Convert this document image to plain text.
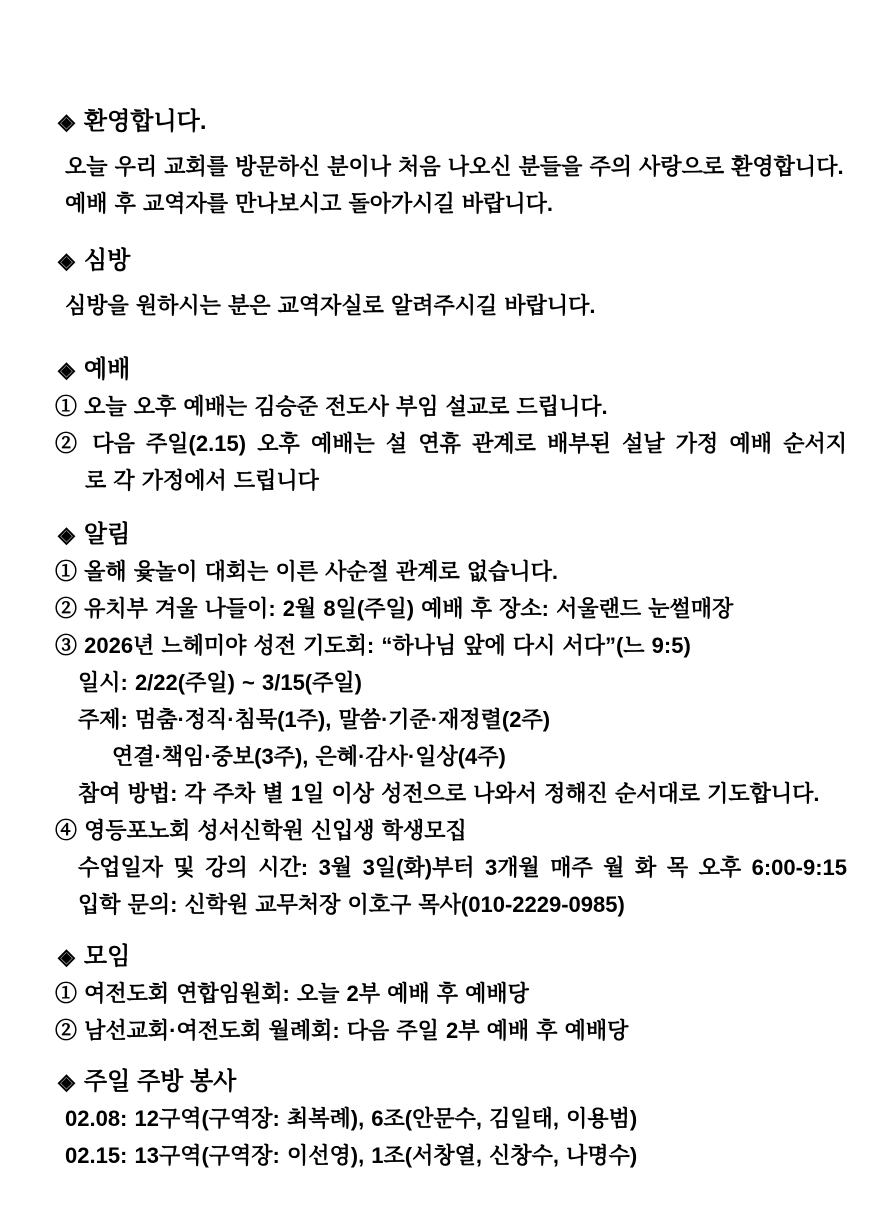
◈ 환영합니다.
오늘 우리 교회를 방문하신 분이나 처음 나오신 분들을 주의 사랑으로 환영합니다.
예배 후 교역자를 만나보시고 돌아가시길 바랍니다.
◈ 심방
심방을 원하시는 분은 교역자실로 알려주시길 바랍니다.
◈ 예배
① 오늘 오후 예배는 김승준 전도사 부임 설교로 드립니다.
② 다음 주일(2.15) 오후 예배는 설 연휴 관계로 배부된 설날 가정 예배 순서지
로 각 가정에서 드립니다
◈ 알림
① 올해 윷놀이 대회는 이른 사순절 관계로 없습니다.
② 유치부 겨울 나들이: 2월 8일(주일) 예배 후 장소: 서울랜드 눈썰매장
③ 2026년 느헤미야 성전 기도회: “하나님 앞에 다시 서다”(느 9:5)
일시: 2/22(주일) ~ 3/15(주일)
주제: 멈춤·정직·침묵(1주), 말씀·기준·재정렬(2주)
연결·책임·중보(3주), 은혜·감사·일상(4주)
참여 방법: 각 주차 별 1일 이상 성전으로 나와서 정해진 순서대로 기도합니다.
④ 영등포노회 성서신학원 신입생 학생모집
수업일자 및 강의 시간: 3월 3일(화)부터 3개월 매주 월 화 목 오후 6:00-9:15
입학 문의: 신학원 교무처장 이호구 목사(010-2229-0985)
◈ 모임
① 여전도회 연합임원회: 오늘 2부 예배 후 예배당
② 남선교회·여전도회 월례회: 다음 주일 2부 예배 후 예배당
◈ 주일 주방 봉사
02.08: 12구역(구역장: 최복례), 6조(안문수, 김일태, 이용범)
02.15: 13구역(구역장: 이선영), 1조(서창열, 신창수, 나명수)
